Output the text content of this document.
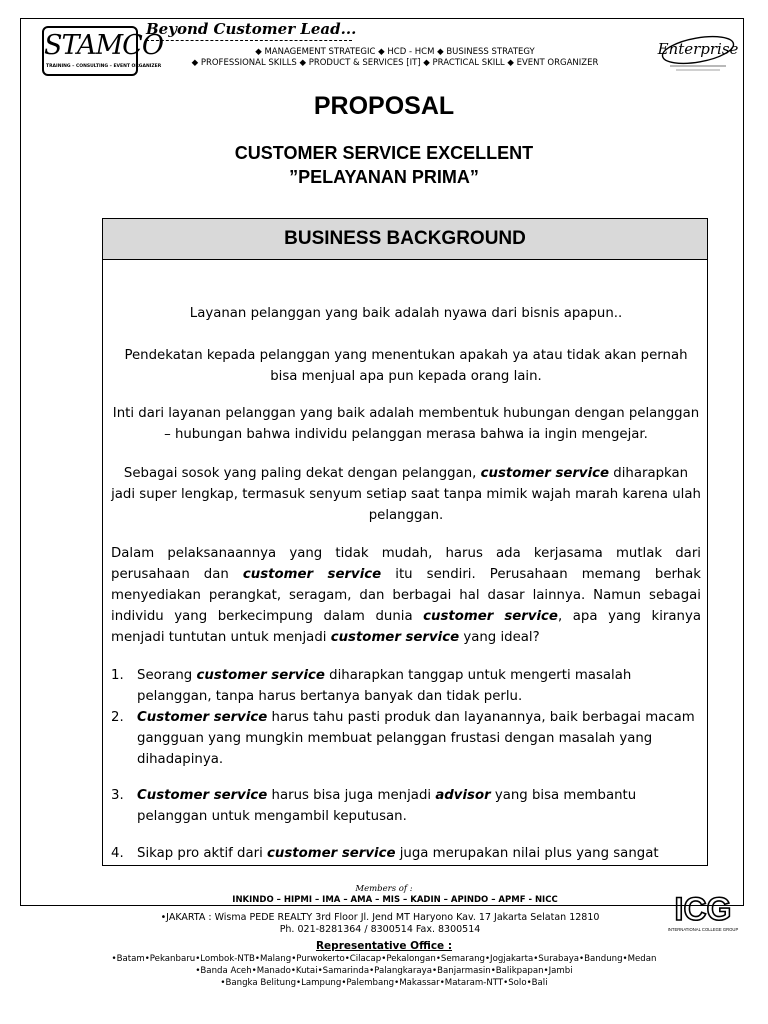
STAMCO
TRAINING – CONSULTING – EVENT ORGANIZER
Beyond Customer Lead...
◆ MANAGEMENT STRATEGIC ◆ HCD - HCM ◆ BUSINESS STRATEGY
◆ PROFESSIONAL SKILLS ◆ PRODUCT & SERVICES [IT] ◆ PRACTICAL SKILL ◆ EVENT ORGANIZER
Enterprise
PROPOSAL
CUSTOMER SERVICE EXCELLENT
”PELAYANAN PRIMA”
BUSINESS BACKGROUND
Layanan pelanggan yang baik adalah nyawa dari bisnis apapun..
Pendekatan kepada pelanggan yang menentukan apakah ya atau tidak akan pernah bisa menjual apa pun kepada orang lain.
Inti dari layanan pelanggan yang baik adalah membentuk hubungan dengan pelanggan – hubungan bahwa individu pelanggan merasa bahwa ia ingin mengejar.
Sebagai sosok yang paling dekat dengan pelanggan, customer service diharapkan jadi super lengkap, termasuk senyum setiap saat tanpa mimik wajah marah karena ulah pelanggan.
Dalam pelaksanaannya yang tidak mudah, harus ada kerjasama mutlak dari perusahaan dan customer service itu sendiri. Perusahaan memang berhak menyediakan perangkat, seragam, dan berbagai hal dasar lainnya. Namun sebagai individu yang berkecimpung dalam dunia customer service, apa yang kiranya menjadi tuntutan untuk menjadi customer service yang ideal?
1.	Seorang customer service diharapkan tanggap untuk mengerti masalah pelanggan, tanpa harus bertanya banyak dan tidak perlu.
2.	Customer service harus tahu pasti produk dan layanannya, baik berbagai macam gangguan yang mungkin membuat pelanggan frustasi dengan masalah yang dihadapinya.
3.	Customer service harus bisa juga menjadi advisor yang bisa membantu pelanggan untuk mengambil keputusan.
4.	Sikap pro aktif dari customer service juga merupakan nilai plus yang sangat
Members of :
INKINDO – HIPMI – IMA – AMA – MIS – KADIN – APINDO – APMF - NICC
•JAKARTA : Wisma PEDE REALTY 3rd Floor Jl. Jend MT Haryono Kav. 17 Jakarta Selatan 12810
Ph. 021-8281364 / 8300514 Fax. 8300514
ICG
INTERNATIONAL COLLEGE GROUP
Representative Office :
•Batam•Pekanbaru•Lombok-NTB•Malang•Purwokerto•Cilacap•Pekalongan•Semarang•Jogjakarta•Surabaya•Bandung•Medan
•Banda Aceh•Manado•Kutai•Samarinda•Palangkaraya•Banjarmasin•Balikpapan•Jambi
•Bangka Belitung•Lampung•Palembang•Makassar•Mataram-NTT•Solo•Bali
